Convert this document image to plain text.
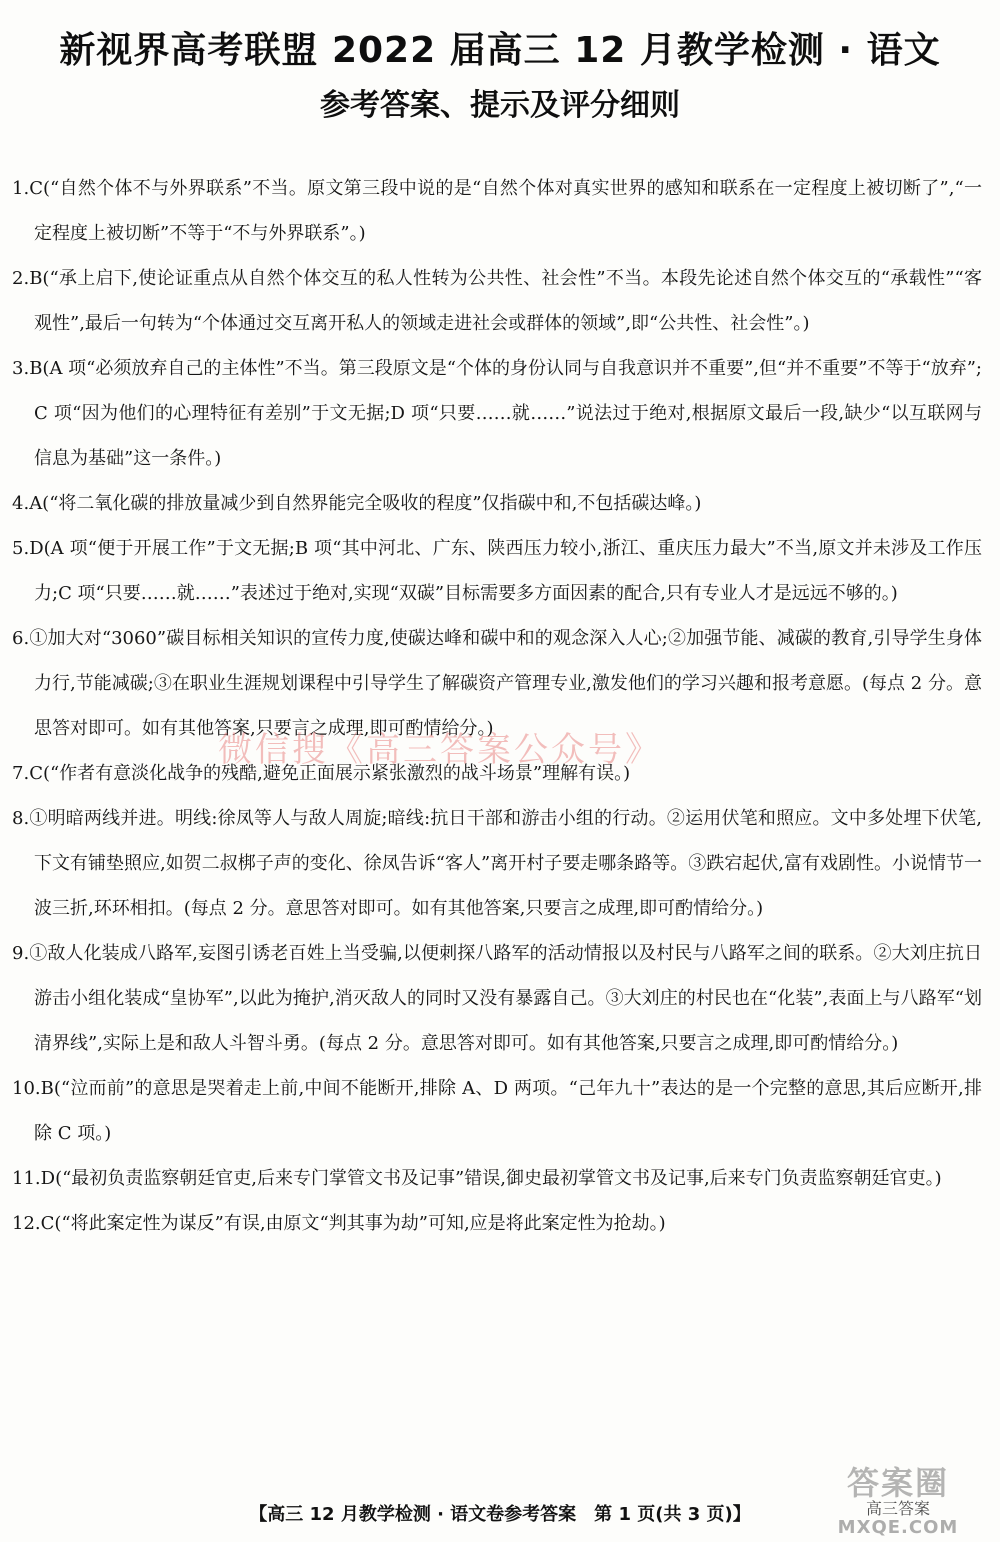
新视界高考联盟 2022 届高三 12 月教学检测 · 语文
参考答案、提示及评分细则
1.C(“自然个体不与外界联系”不当。原文第三段中说的是“自然个体对真实世界的感知和联系在一定程度上被切断了”,“一定程度上被切断”不等于“不与外界联系”。)
2.B(“承上启下,使论证重点从自然个体交互的私人性转为公共性、社会性”不当。本段先论述自然个体交互的“承载性”“客观性”,最后一句转为“个体通过交互离开私人的领域走进社会或群体的领域”,即“公共性、社会性”。)
3.B(A 项“必须放弃自己的主体性”不当。第三段原文是“个体的身份认同与自我意识并不重要”,但“并不重要”不等于“放弃”;C 项“因为他们的心理特征有差别”于文无据;D 项“只要……就……”说法过于绝对,根据原文最后一段,缺少“以互联网与信息为基础”这一条件。)
4.A(“将二氧化碳的排放量减少到自然界能完全吸收的程度”仅指碳中和,不包括碳达峰。)
5.D(A 项“便于开展工作”于文无据;B 项“其中河北、广东、陕西压力较小,浙江、重庆压力最大”不当,原文并未涉及工作压力;C 项“只要……就……”表述过于绝对,实现“双碳”目标需要多方面因素的配合,只有专业人才是远远不够的。)
6.①加大对“3060”碳目标相关知识的宣传力度,使碳达峰和碳中和的观念深入人心;②加强节能、减碳的教育,引导学生身体力行,节能减碳;③在职业生涯规划课程中引导学生了解碳资产管理专业,激发他们的学习兴趣和报考意愿。(每点 2 分。意思答对即可。如有其他答案,只要言之成理,即可酌情给分。)
7.C(“作者有意淡化战争的残酷,避免正面展示紧张激烈的战斗场景”理解有误。)
8.①明暗两线并进。明线:徐凤等人与敌人周旋;暗线:抗日干部和游击小组的行动。②运用伏笔和照应。文中多处埋下伏笔,下文有铺垫照应,如贺二叔梆子声的变化、徐凤告诉“客人”离开村子要走哪条路等。③跌宕起伏,富有戏剧性。小说情节一波三折,环环相扣。(每点 2 分。意思答对即可。如有其他答案,只要言之成理,即可酌情给分。)
9.①敌人化装成八路军,妄图引诱老百姓上当受骗,以便刺探八路军的活动情报以及村民与八路军之间的联系。②大刘庄抗日游击小组化装成“皇协军”,以此为掩护,消灭敌人的同时又没有暴露自己。③大刘庄的村民也在“化装”,表面上与八路军“划清界线”,实际上是和敌人斗智斗勇。(每点 2 分。意思答对即可。如有其他答案,只要言之成理,即可酌情给分。)
10.B(“泣而前”的意思是哭着走上前,中间不能断开,排除 A、D 两项。“己年九十”表达的是一个完整的意思,其后应断开,排除 C 项。)
11.D(“最初负责监察朝廷官吏,后来专门掌管文书及记事”错误,御史最初掌管文书及记事,后来专门负责监察朝廷官吏。)
12.C(“将此案定性为谋反”有误,由原文“判其事为劫”可知,应是将此案定性为抢劫。)
微信搜《高三答案公众号》
【高三 12 月教学检测 · 语文卷参考答案　第 1 页(共 3 页)】
答案圈
高三答案
MXQE.COM
